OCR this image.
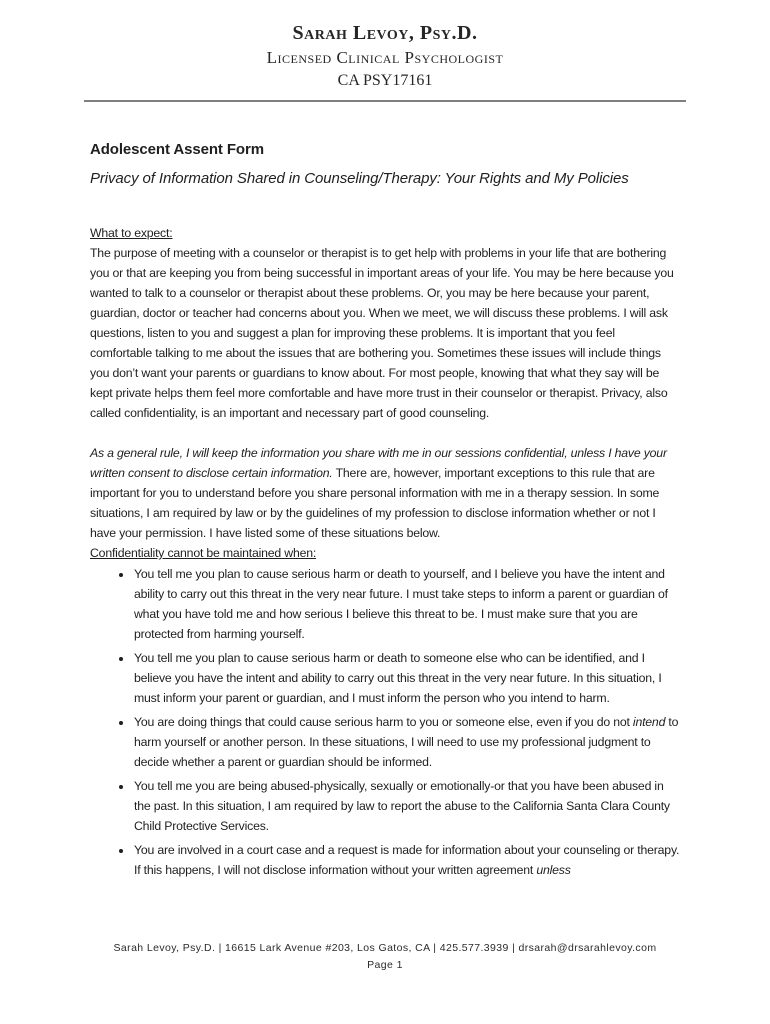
Sarah Levoy, Psy.D.
Licensed Clinical Psychologist
CA PSY17161
Adolescent Assent Form
Privacy of Information Shared in Counseling/Therapy: Your Rights and My Policies

What to expect:
The purpose of meeting with a counselor or therapist is to get help with problems in your life that are bothering you or that are keeping you from being successful in important areas of your life. You may be here because you wanted to talk to a counselor or therapist about these problems. Or, you may be here because your parent, guardian, doctor or teacher had concerns about you. When we meet, we will discuss these problems. I will ask questions, listen to you and suggest a plan for improving these problems. It is important that you feel comfortable talking to me about the issues that are bothering you. Sometimes these issues will include things you don’t want your parents or guardians to know about. For most people, knowing that what they say will be kept private helps them feel more comfortable and have more trust in their counselor or therapist. Privacy, also called confidentiality, is an important and necessary part of good counseling.

As a general rule, I will keep the information you share with me in our sessions confidential, unless I have your written consent to disclose certain information. There are, however, important exceptions to this rule that are important for you to understand before you share personal information with me in a therapy session. In some situations, I am required by law or by the guidelines of my profession to disclose information whether or not I have your permission. I have listed some of these situations below.

Confidentiality cannot be maintained when:

• You tell me you plan to cause serious harm or death to yourself, and I believe you have the intent and ability to carry out this threat in the very near future. I must take steps to inform a parent or guardian of what you have told me and how serious I believe this threat to be. I must make sure that you are protected from harming yourself.
• You tell me you plan to cause serious harm or death to someone else who can be identified, and I believe you have the intent and ability to carry out this threat in the very near future. In this situation, I must inform your parent or guardian, and I must inform the person who you intend to harm.
• You are doing things that could cause serious harm to you or someone else, even if you do not intend to harm yourself or another person. In these situations, I will need to use my professional judgment to decide whether a parent or guardian should be informed.
• You tell me you are being abused-physically, sexually or emotionally-or that you have been abused in the past. In this situation, I am required by law to report the abuse to the California Santa Clara County Child Protective Services.
• You are involved in a court case and a request is made for information about your counseling or therapy. If this happens, I will not disclose information without your written agreement unless
Sarah Levoy, Psy.D. | 16615 Lark Avenue #203, Los Gatos, CA | 425.577.3939 | drsarah@drsarahlevoy.com
Page 1
